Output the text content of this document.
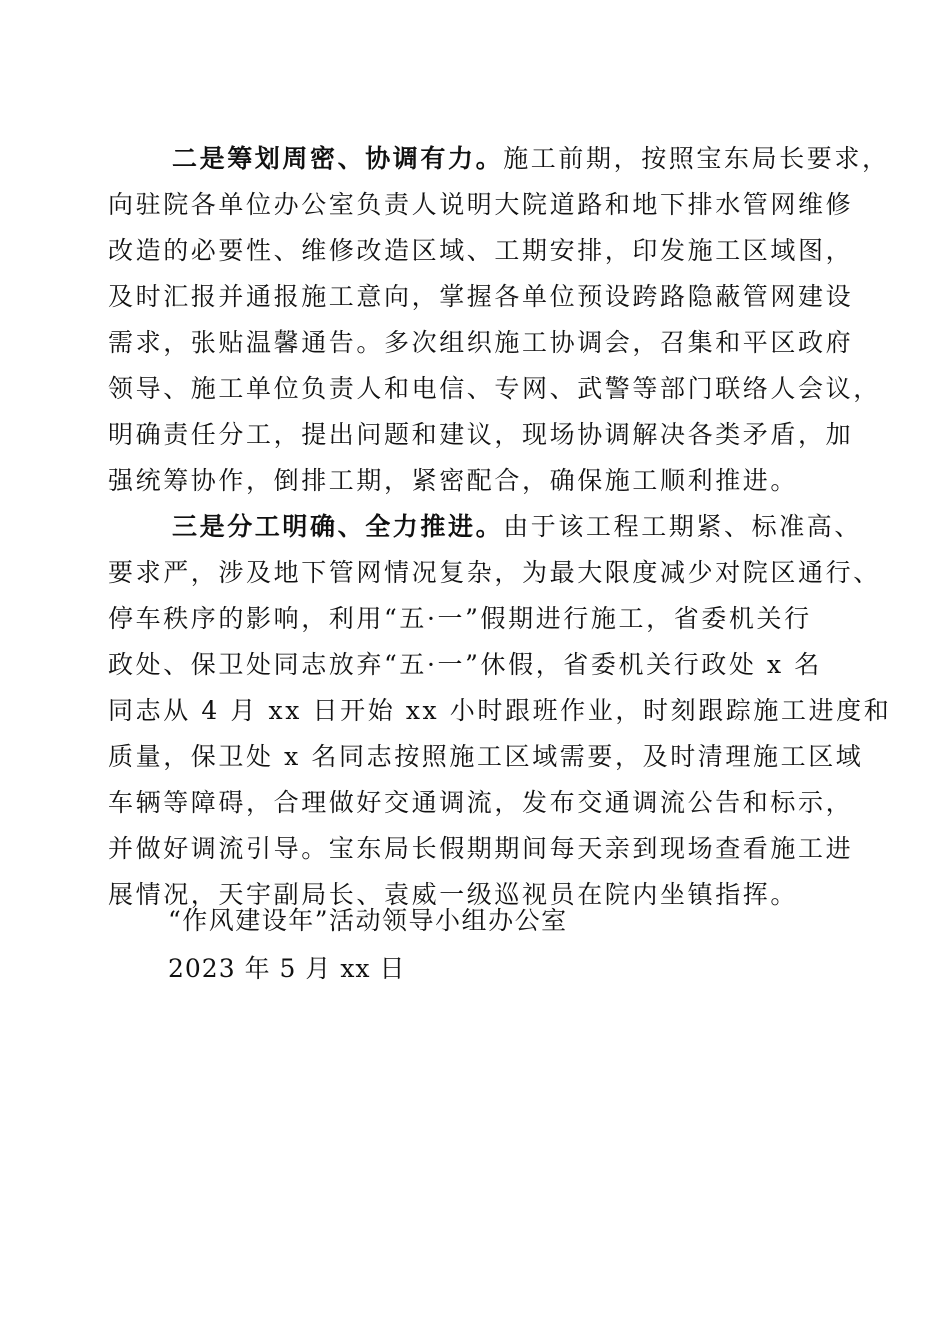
二是筹划周密、协调有力。施工前期，按照宝东局长要求，
向驻院各单位办公室负责人说明大院道路和地下排水管网维修
改造的必要性、维修改造区域、工期安排，印发施工区域图，
及时汇报并通报施工意向，掌握各单位预设跨路隐蔽管网建设
需求，张贴温馨通告。多次组织施工协调会，召集和平区政府
领导、施工单位负责人和电信、专网、武警等部门联络人会议，
明确责任分工，提出问题和建议，现场协调解决各类矛盾，加
强统筹协作，倒排工期，紧密配合，确保施工顺利推进。
三是分工明确、全力推进。由于该工程工期紧、标准高、
要求严，涉及地下管网情况复杂，为最大限度减少对院区通行、
停车秩序的影响，利用“五·一”假期进行施工，省委机关行
政处、保卫处同志放弃“五·一”休假，省委机关行政处 x 名
同志从 4 月 xx 日开始 xx 小时跟班作业，时刻跟踪施工进度和
质量，保卫处 x 名同志按照施工区域需要，及时清理施工区域
车辆等障碍，合理做好交通调流，发布交通调流公告和标示，
并做好调流引导。宝东局长假期期间每天亲到现场查看施工进
展情况，天宇副局长、袁威一级巡视员在院内坐镇指挥。
“作风建设年”活动领导小组办公室
2023 年 5 月 xx 日
